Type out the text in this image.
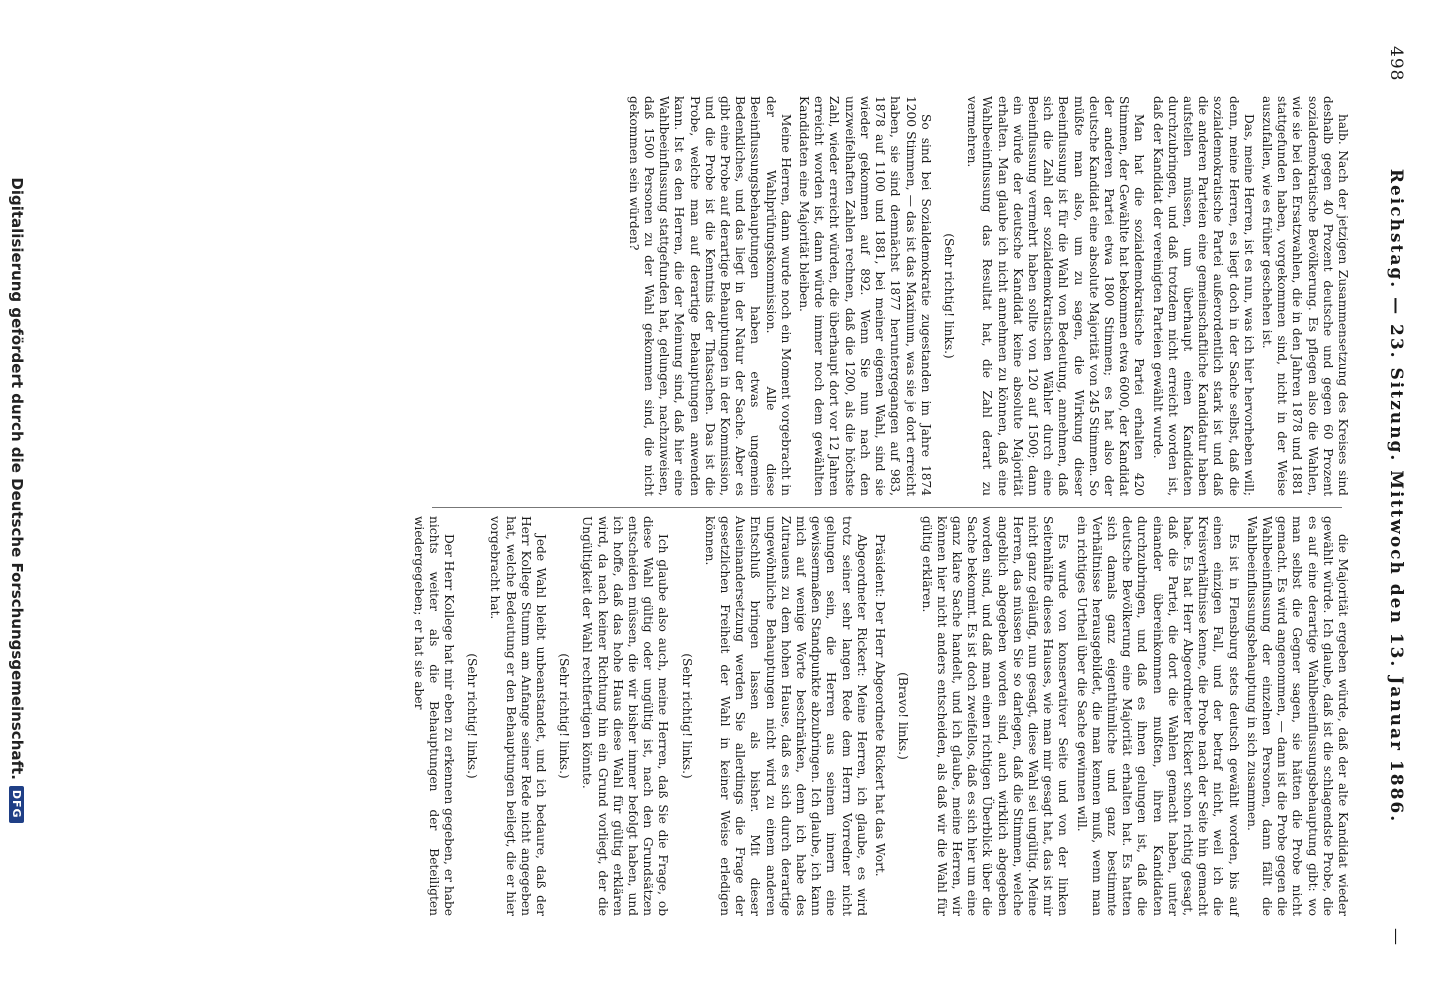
498
Reichstag. — 23. Sitzung. Mittwoch den 13. Januar 1886.
—

halb. Nach der jetzigen Zusammensetzung des Kreises sind deshalb gegen 40 Prozent deutsche und gegen 60 Prozent sozialdemokratische Bevölkerung. Es pflegen also die Wahlen, wie sie bei den Ersatzwahlen, die in den Jahren 1878 und 1881 stattgefunden haben, vorgekommen sind, nicht in der Weise auszufallen, wie es früher geschehen ist.

Das, meine Herren, ist es nun, was ich hier hervorheben will; denn, meine Herren, es liegt doch in der Sache selbst, daß die sozialdemokratische Partei außerordentlich stark ist und daß die anderen Parteien eine gemeinschaftliche Kandidatur haben aufstellen müssen, um überhaupt einen Kandidaten durchzubringen, und daß trotzdem nicht erreicht worden ist, daß der Kandidat der vereinigten Parteien gewählt wurde.

Man hat die sozialdemokratische Partei erhalten 420 Stimmen, der Gewählte hat bekommen etwa 6000, der Kandidat der anderen Partei etwa 1800 Stimmen; es hat also der deutsche Kandidat eine absolute Majorität von 245 Stimmen. So müßte man also, um zu sagen, die Wirkung dieser Beeinflussung ist für die Wahl von Bedeutung, annehmen, daß sich die Zahl der sozialdemokratischen Wähler durch eine Beeinflussung vermehrt haben sollte von 120 auf 1500; dann ein würde der deutsche Kandidat keine absolute Majorität erhalten. Man glaube ich nicht annehmen zu können, daß eine Wahlbeeinflussung das Resultat hat, die Zahl derart zu vermehren.

(Sehr richtig! links.)

So sind bei Sozialdemokratie zugestanden im Jahre 1874 1200 Stimmen, — das ist das Maximum, was sie je dort erreicht haben, sie sind demnächst 1877 heruntergegangen auf 983, 1878 auf 1100 und 1881, bei meiner eigenen Wahl, sind sie wieder gekommen auf 892. Wenn Sie nun nach den unzweifelhaften Zahlen rechnen, daß die 1200, als die höchste Zahl, wieder erreicht würden, die überhaupt dort vor 12 Jahren erreicht worden ist, dann würde immer noch dem gewählten Kandidaten eine Majorität bleiben.

Meine Herren, dann wurde noch ein Moment vorgebracht in der Wahlprüfungskommission. Alle diese Beeinflussungsbehauptungen haben etwas ungemein Bedenkliches, und das liegt in der Natur der Sache. Aber es gibt eine Probe auf derartige Behauptungen in der Kommission, und die Probe ist die Kenntnis der Thatsachen. Das ist die Probe, welche man auf derartige Behauptungen anwenden kann. Ist es den Herren, die der Meinung sind, daß hier eine Wahlbeeinflussung stattgefunden hat, gelungen, nachzuweisen, daß 1500 Personen zu der Wahl gekommen sind, die nicht gekommen sein würden?

die Majorität ergeben würde, daß der alte Kandidat wieder gewählt würde. Ich glaube, daß ist die schlagendste Probe, die es auf eine derartige Wahlbeeinflussungsbehauptung gibt: wo man selbst die Gegner sagen, sie hätten die Probe nicht gemacht. Es wird angenommen, — dann ist die Probe gegen die Wahlbeeinflussung der einzelnen Personen, dann fällt die Wahlbeeinflussungsbehauptung in sich zusammen.

Es ist in Flensburg stets deutsch gewählt worden, bis auf einen einzigen Fall, und der betraf nicht, weil ich die Kreisverhältnisse kenne, die Probe nach der Seite hin gemacht habe. Es hat Herr Abgeordneter Rickert schon richtig gesagt, daß die Partei, die dort die Wahlen gemacht haben, unter einander übereinkommen mußten, ihren Kandidaten durchzubringen, und daß es ihnen gelungen ist, daß die deutsche Bevölkerung eine Majorität erhalten hat. Es hatten sich damals ganz eigenthümliche und ganz bestimmte Verhältnisse herausgebildet, die man kennen muß, wenn man ein richtiges Urtheil über die Sache gewinnen will.

Es wurde von konservativer Seite und von der linken Seitenhälfte dieses Hauses, wie man mir gesagt hat, das ist mir nicht ganz geläufig, nun gesagt, diese Wahl sei ungültig. Meine Herren, das müssen Sie so darlegen, daß die Stimmen, welche angeblich abgegeben worden sind, auch wirklich abgegeben worden sind, und daß man einen richtigen Überblick über die Sache bekommt. Es ist doch zweifellos, daß es sich hier um eine ganz klare Sache handelt, und ich glaube, meine Herren, wir können hier nicht anders entscheiden, als daß wir die Wahl für gültig erklären.

(Bravo! links.)

Präsident: Der Herr Abgeordnete Rickert hat das Wort.

Abgeordneter Rickert: Meine Herren, ich glaube, es wird trotz seiner sehr langen Rede dem Herrn Vorredner nicht gelungen sein, die Herren aus seinem innern eine gewissermaßen Standpunkte abzubringen. Ich glaube, ich kann mich auf wenige Worte beschränken, denn ich habe des Zutrauens zu dem hohen Hause, daß es sich durch derartige ungewöhnliche Behauptungen nicht wird zu einem anderen Entschluß bringen lassen als bisher. Mit dieser Auseinandersetzung werden Sie allerdings die Frage der gesetzlichen Freiheit der Wahl in keiner Weise erledigen können.

(Sehr richtig! links.)

Ich glaube also auch, meine Herren, daß Sie die Frage, ob diese Wahl gültig oder ungültig ist, nach den Grundsätzen entscheiden müssen, die wir bisher immer befolgt haben, und ich hoffe, daß das hohe Haus diese Wahl für gültig erklären wird, da nach keiner Richtung hin ein Grund vorliegt, der die Ungültigkeit der Wahl rechtfertigen könnte.

(Sehr richtig! links.)

Jede Wahl bleibt unbeanstandet, und ich bedaure, daß der Herr Kollege Stumm am Anfange seiner Rede nicht angegeben hat, welche Bedeutung er den Behauptungen beilegt, die er hier vorgebracht hat.

(Sehr richtig! links.)

Der Herr Kollege hat mir eben zu erkennen gegeben, er habe nichts weiter als die Behauptungen der Beteiligten wiedergegeben; er hat sie aber

Digitalisierung gefördert durch die Deutsche Forschungsgemeinschaft.
DFG
